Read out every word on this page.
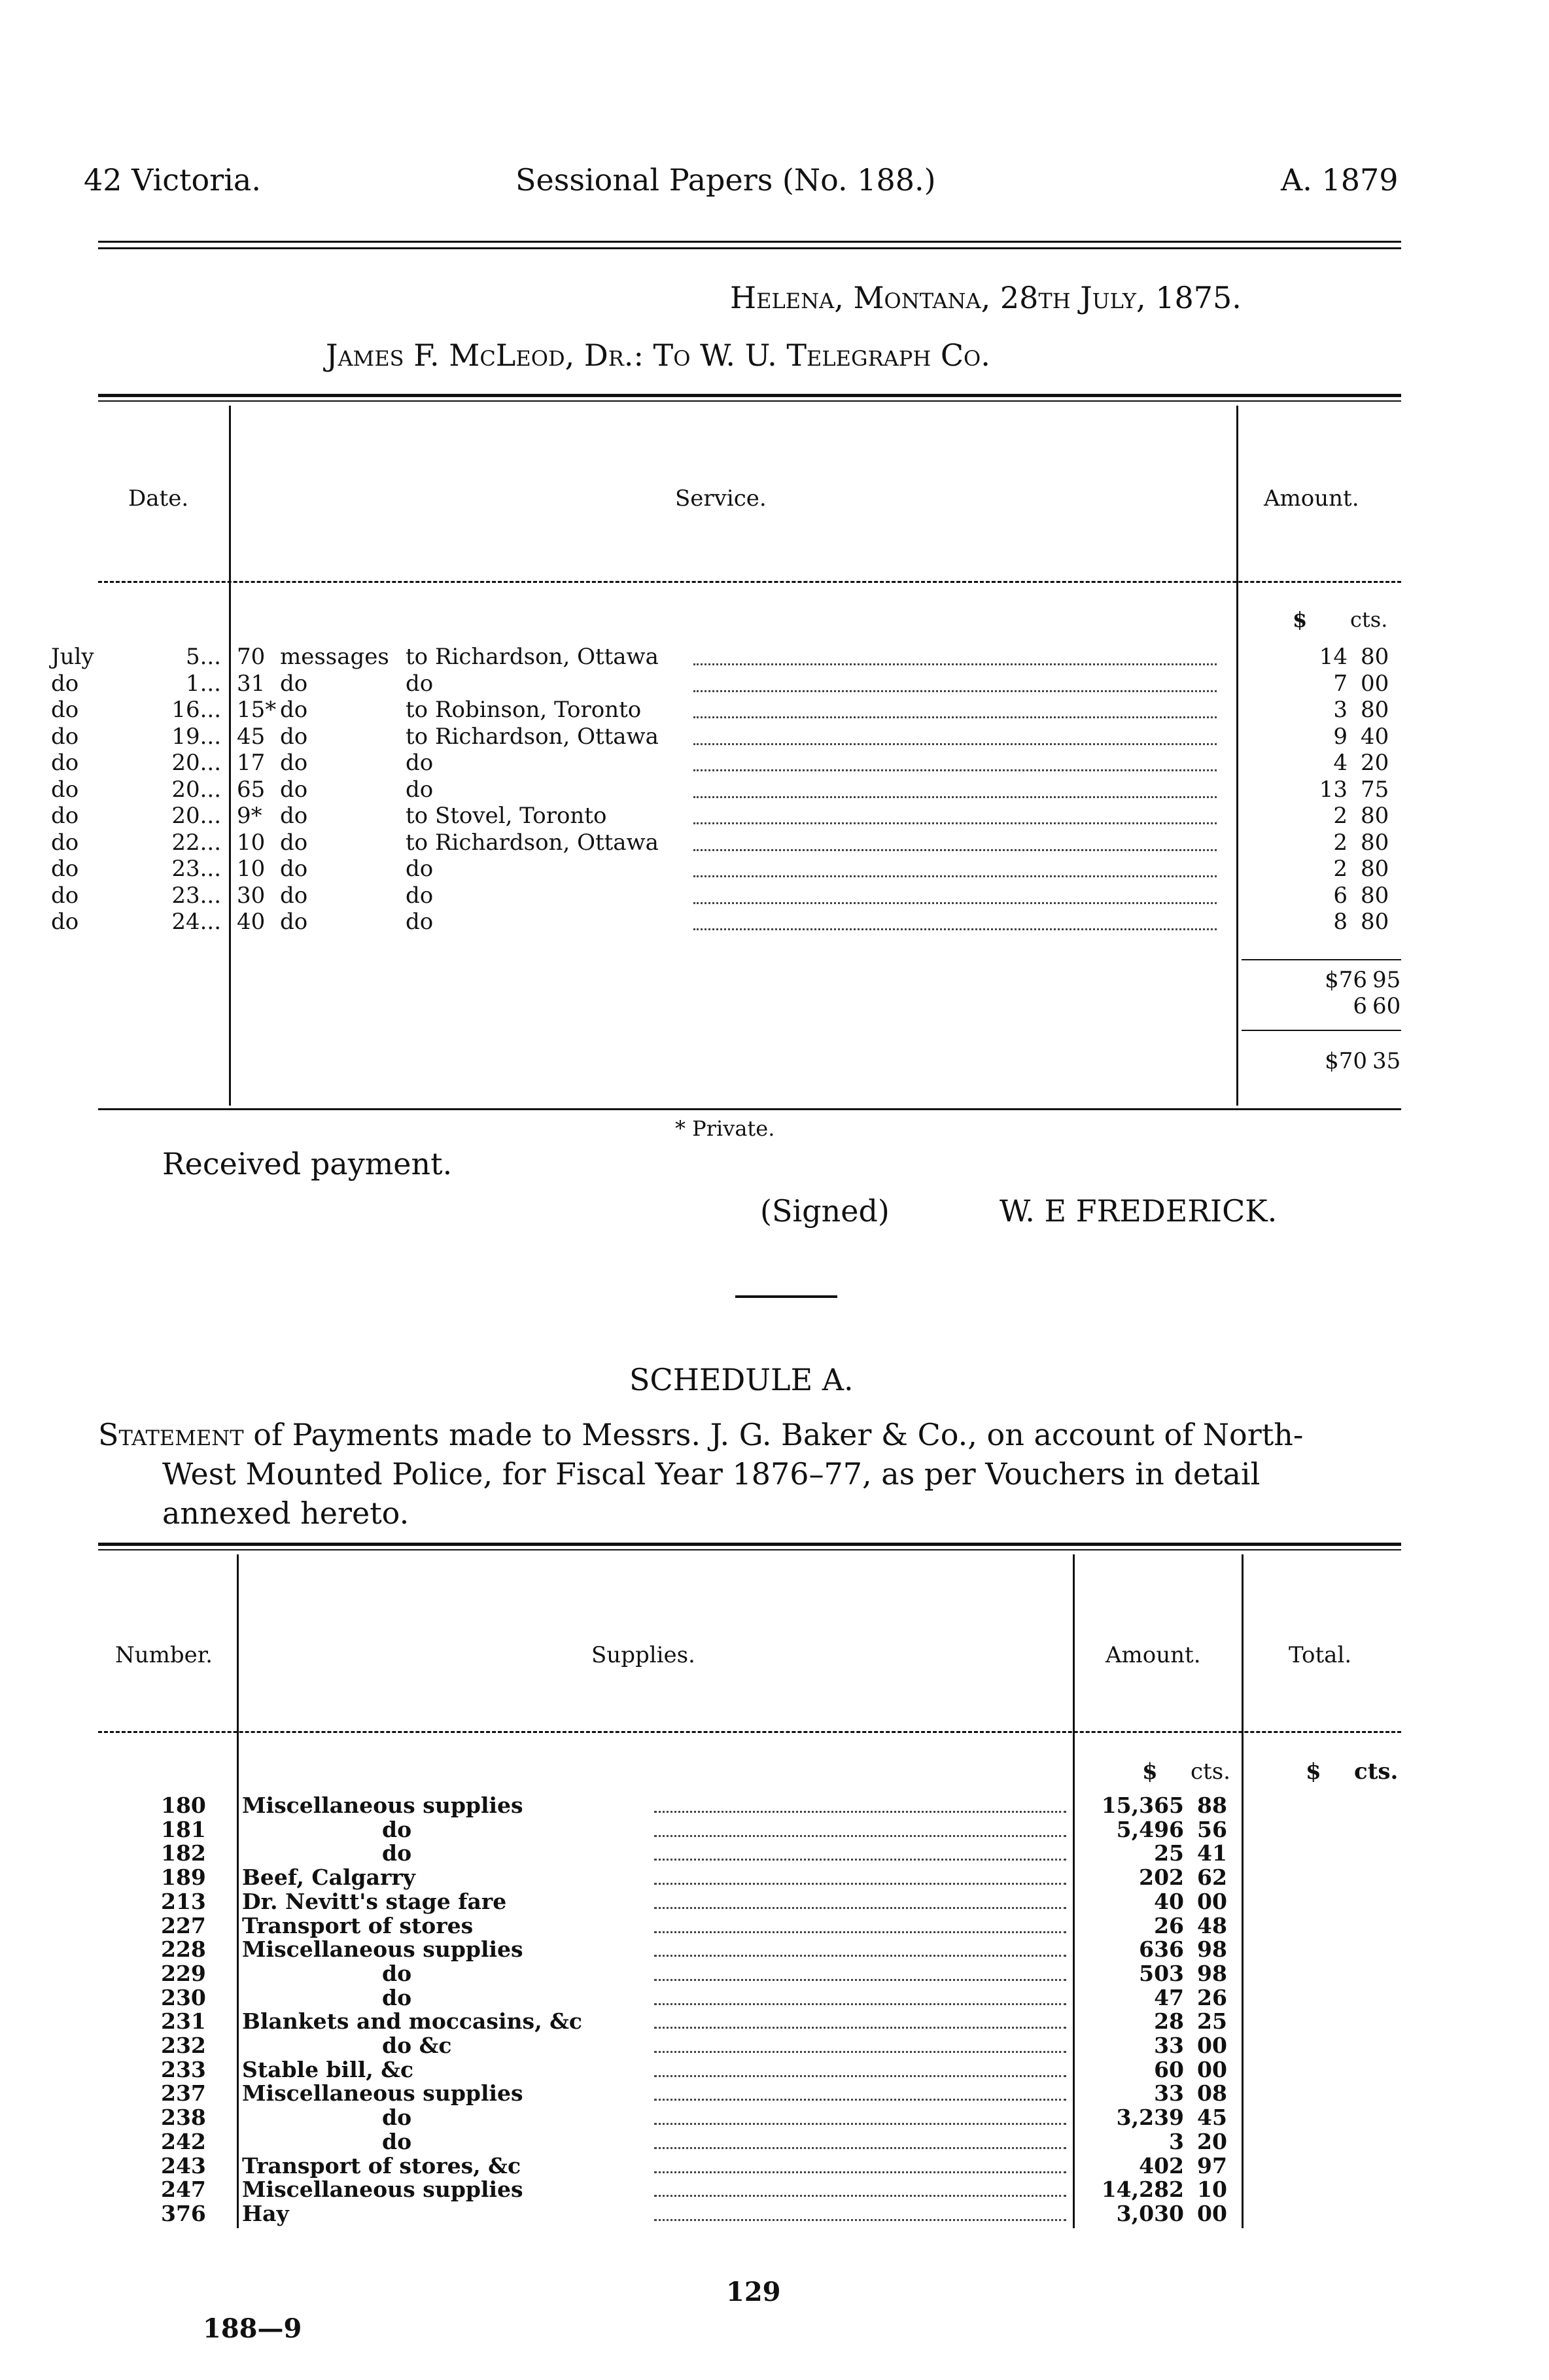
42 Victoria.	Sessional Papers (No. 188.)	A. 1879
Helena, Montana, 28th July, 1875.
James F. McLeod, Dr.: To W. U. Telegraph Co.
Date.	Service.	Amount.
$ cts.
July	5... 70 messages to Richardson, Ottawa	14 80
do	1... 31 do	do	7 00
do	16... 15* do	to Robinson, Toronto	3 80
do	19... 45 do	to Richardson, Ottawa	9 40
do	20... 17 do	do	4 20
do	20... 65 do	do	13 75
do	20... 9* do	to Stovel, Toronto	2 80
do	22... 10 do	to Richardson, Ottawa	2 80
do	23... 10 do	do	2 80
do	23... 30 do	do	6 80
do	24... 40 do	do	8 80
$76 95
6 60
$70 35
* Private.
Received payment.
(Signed)	W. E FREDERICK.
SCHEDULE A.
Statement of Payments made to Messrs. J. G. Baker & Co., on account of North-
West Mounted Police, for Fiscal Year 1876–77, as per Vouchers in detail
annexed hereto.
Number.	Supplies.	Amount.	Total.
$ cts.	$ cts.
180 Miscellaneous supplies	15,365 88
181	do	5,496 56
182	do	25 41
189 Beef, Calgarry	202 62
213 Dr. Nevitt's stage fare	40 00
227 Transport of stores	26 48
228 Miscellaneous supplies	636 98
229	do	503 98
230	do	47 26
231 Blankets and moccasins, &c	28 25
232	do &c	33 00
233 Stable bill, &c	60 00
237 Miscellaneous supplies	33 08
238	do	3,239 45
242	do	3 20
243 Transport of stores, &c	402 97
247 Miscellaneous supplies	14,282 10
376 Hay	3,030 00
129
188—9
